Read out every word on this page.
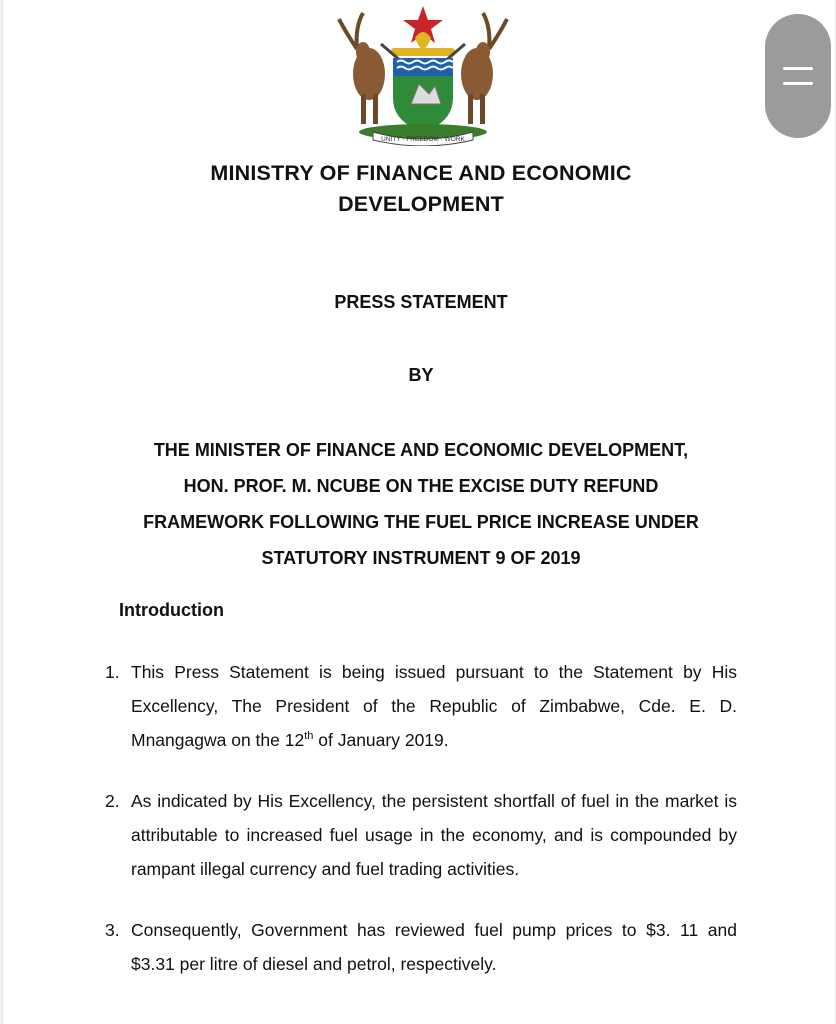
UNITY · FREEDOM · WORK
MINISTRY OF FINANCE AND ECONOMIC
DEVELOPMENT
PRESS STATEMENT
BY
THE MINISTER OF FINANCE AND ECONOMIC DEVELOPMENT,
HON. PROF. M. NCUBE ON THE EXCISE DUTY REFUND
FRAMEWORK FOLLOWING THE FUEL PRICE INCREASE UNDER
STATUTORY INSTRUMENT 9 OF 2019
Introduction
1. This Press Statement is being issued pursuant to the Statement by His Excellency, The President of the Republic of Zimbabwe, Cde. E. D. Mnangagwa on the 12th of January 2019.
2. As indicated by His Excellency, the persistent shortfall of fuel in the market is attributable to increased fuel usage in the economy, and is compounded by rampant illegal currency and fuel trading activities.
3. Consequently, Government has reviewed fuel pump prices to $3. 11 and $3.31 per litre of diesel and petrol, respectively.
